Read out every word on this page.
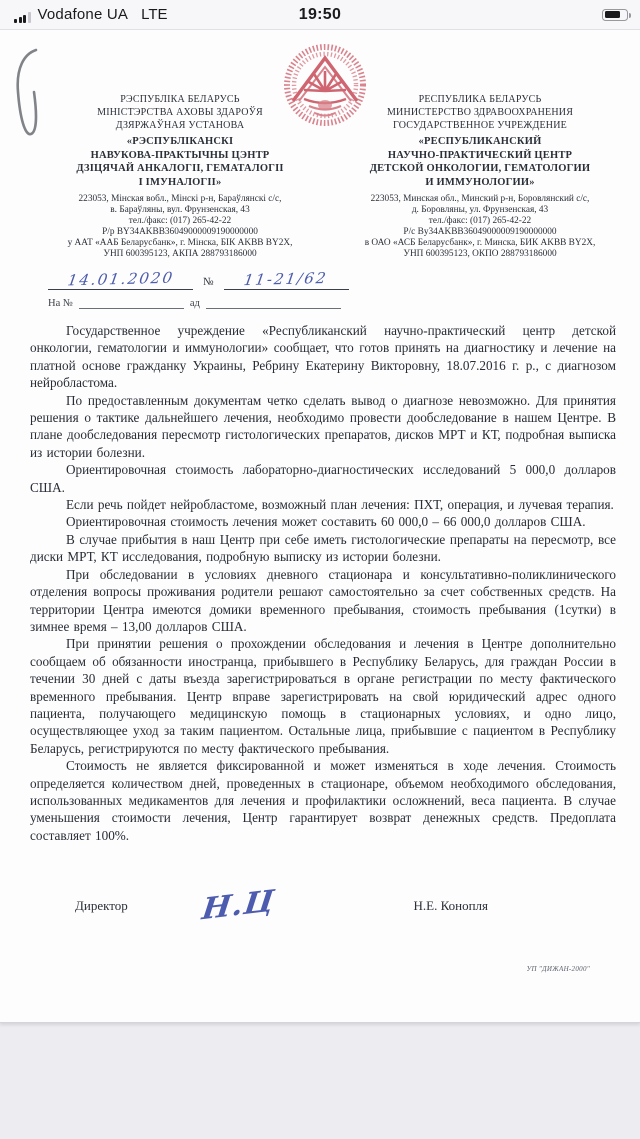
Vodafone UA LTE	19:50
РЭСПУБЛІКА БЕЛАРУСЬ
МІНІСТЭРСТВА АХОВЫ ЗДАРОЎЯ
ДЗЯРЖАЎНАЯ УСТАНОВА
«РЭСПУБЛІКАНСКІ
НАВУКОВА-ПРАКТЫЧНЫ ЦЭНТР
ДЗІЦЯЧАЙ АНКАЛОГІІ, ГЕМАТАЛОГІІ
І ІМУНАЛОГІІ»
223053, Мінская вобл., Мінскі р-н, Бараўлянскі с/с,
в. Бараўляны, вул. Фрунзенская, 43
тел./факс: (017) 265-42-22
Р/р BY34AKBB36049000009190000000
у ААТ «ААБ Беларусбанк», г. Мінска, БІК AKBB BY2X,
УНП 600395123, АКПА 288793186000
РЕСПУБЛИКА БЕЛАРУСЬ
МИНИСТЕРСТВО ЗДРАВООХРАНЕНИЯ
ГОСУДАРСТВЕННОЕ УЧРЕЖДЕНИЕ
«РЕСПУБЛИКАНСКИЙ
НАУЧНО-ПРАКТИЧЕСКИЙ ЦЕНТР
ДЕТСКОЙ ОНКОЛОГИИ, ГЕМАТОЛОГИИ
И ИММУНОЛОГИИ»
223053, Минская обл., Минский р-н, Боровлянский с/с,
д. Боровляны, ул. Фрунзенская, 43
тел./факс: (017) 265-42-22
Р/с By34AKBB36049000009190000000
в ОАО «АСБ Беларусбанк», г. Минска, БИК AKBB BY2X,
УНП 600395123, ОКПО 288793186000
14.01.2020	№	11-21/62
На №	ад

Государственное учреждение «Республиканский научно-практический центр детской онкологии, гематологии и иммунологии» сообщает, что готов принять на диагностику и лечение на платной основе гражданку Украины, Ребрину Екатерину Викторовну, 18.07.2016 г. р., с диагнозом нейробластома.

По предоставленным документам четко сделать вывод о диагнозе невозможно. Для принятия решения о тактике дальнейшего лечения, необходимо провести дообследование в нашем Центре. В плане дообследования пересмотр гистологических препаратов, дисков МРТ и КТ, подробная выписка из истории болезни.

Ориентировочная стоимость лабораторно-диагностических исследований 5 000,0 долларов США.

Если речь пойдет нейробластоме, возможный план лечения: ПХТ, операция, и лучевая терапия.

Ориентировочная стоимость лечения может составить 60 000,0 – 66 000,0 долларов США.

В случае прибытия в наш Центр при себе иметь гистологические препараты на пересмотр, все диски МРТ, КТ исследования, подробную выписку из истории болезни.

При обследовании в условиях дневного стационара и консультативно-поликлинического отделения вопросы проживания родители решают самостоятельно за счет собственных средств. На территории Центра имеются домики временного пребывания, стоимость пребывания (1сутки) в зимнее время – 13,00 долларов США.

При принятии решения о прохождении обследования и лечения в Центре дополнительно сообщаем об обязанности иностранца, прибывшего в Республику Беларусь, для граждан России в течении 30 дней с даты въезда зарегистрироваться в органе регистрации по месту фактического временного пребывания. Центр вправе зарегистрировать на свой юридический адрес одного пациента, получающего медицинскую помощь в стационарных условиях, и одно лицо, осуществляющее уход за таким пациентом. Остальные лица, прибывшие с пациентом в Республику Беларусь, регистрируются по месту фактического пребывания.

Стоимость не является фиксированной и может изменяться в ходе лечения. Стоимость определяется количеством дней, проведенных в стационаре, объемом необходимого обследования, использованных медикаментов для лечения и профилактики осложнений, веса пациента. В случае уменьшения стоимости лечения, Центр гарантирует возврат денежных средств. Предоплата составляет 100%.

Директор Н.Ц	Н.Е. Конопля
УП "ДИЖАН-2000"
